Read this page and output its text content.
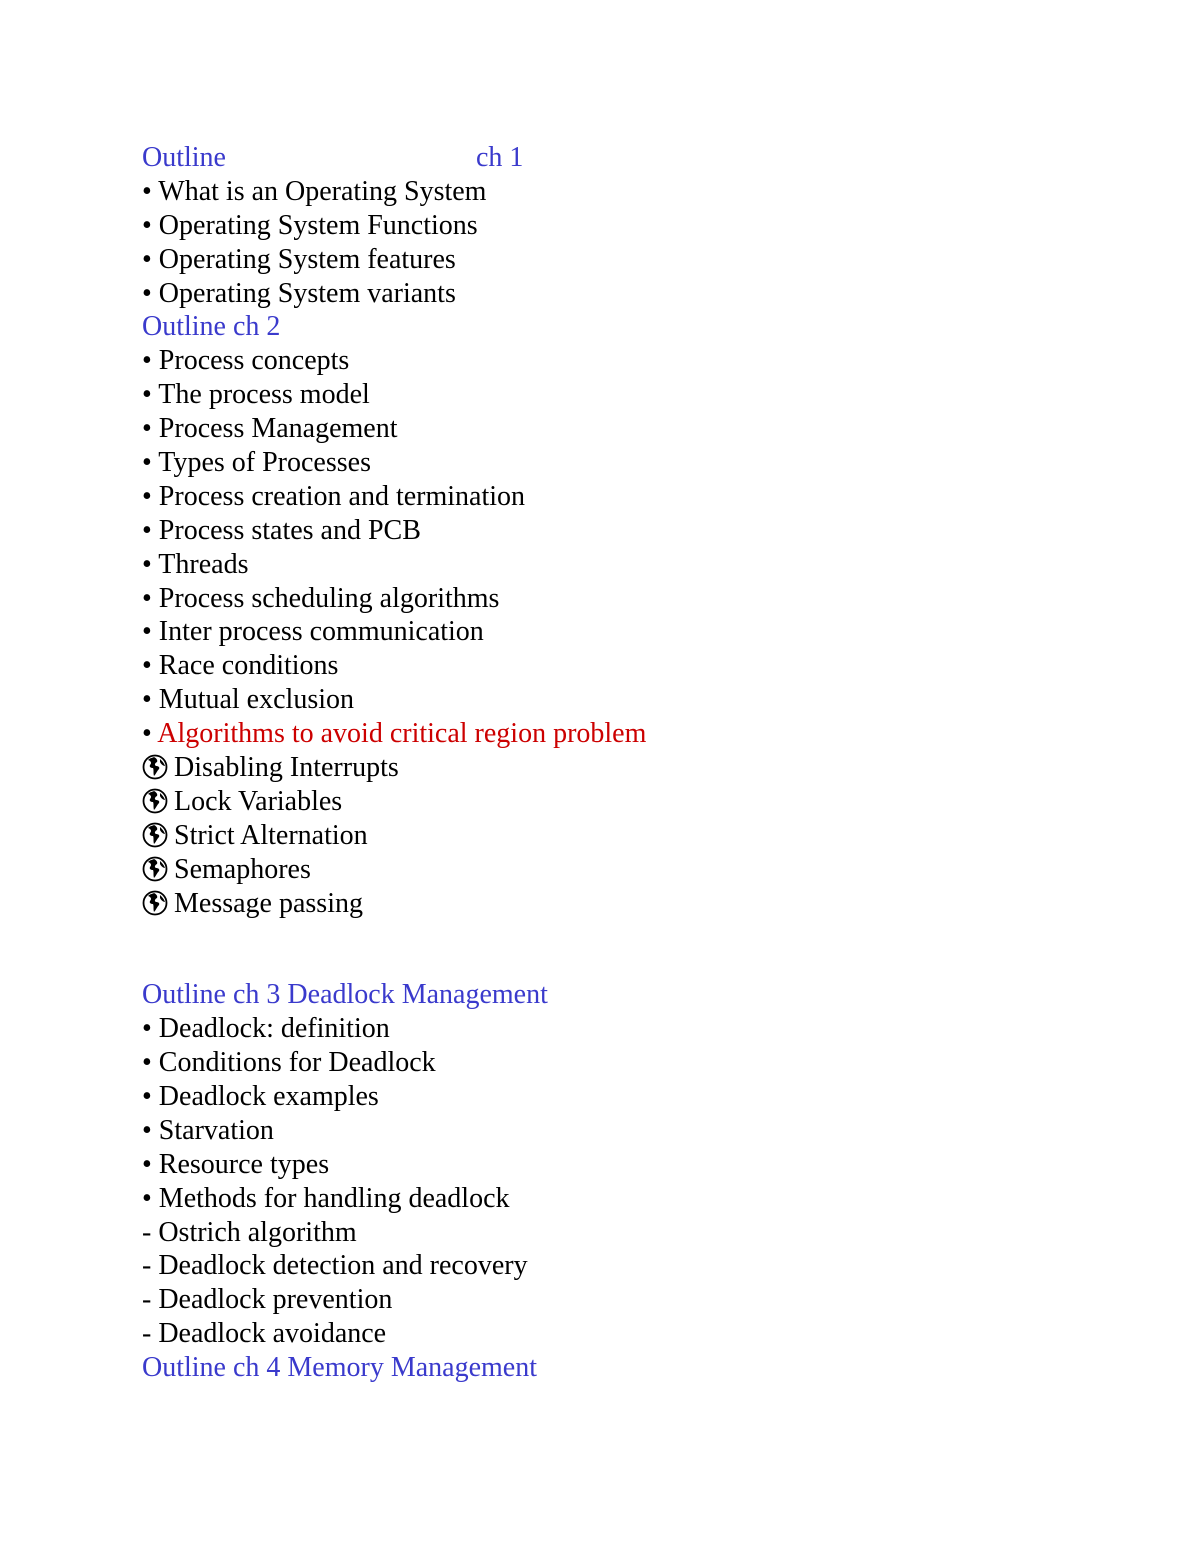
Outline	ch 1
• What is an Operating System
• Operating System Functions
• Operating System features
• Operating System variants
Outline ch 2
• Process concepts
• The process model
• Process Management
• Types of Processes
• Process creation and termination
• Process states and PCB
• Threads
• Process scheduling algorithms
• Inter process communication
• Race conditions
• Mutual exclusion
• Algorithms to avoid critical region problem
Disabling Interrupts
Lock Variables
Strict Alternation
Semaphores
Message passing
Outline ch 3 Deadlock Management
• Deadlock: definition
• Conditions for Deadlock
• Deadlock examples
• Starvation
• Resource types
• Methods for handling deadlock
- Ostrich algorithm
- Deadlock detection and recovery
- Deadlock prevention
- Deadlock avoidance
Outline ch 4 Memory Management
